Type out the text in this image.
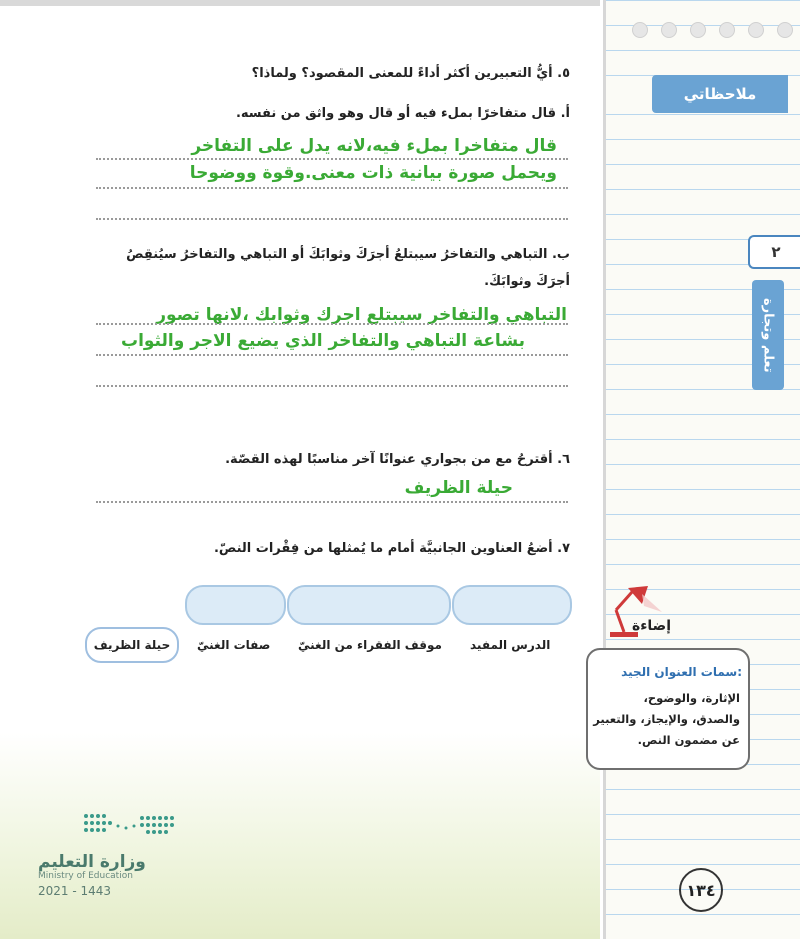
ملاحظاتي
٢
تعلم وتجارة
٥. أيُّ التعبيرين أكثر أداءً للمعنى المقصود؟ ولماذا؟
أ. قال متفاخرًا بملء فيه أو قال وهو واثق من نفسه.
قال متفاخرا بملء فيه،لانه يدل على التفاخر
ويحمل صورة بيانية ذات معنى.وقوة ووضوحا
ب. التباهي والتفاخرُ سيبتلعُ أجرَكَ وثوابَكَ أو التباهي والتفاخرُ سيُنقِصُ
أجرَكَ وثوابَكَ.
التباهي والتفاخر سيبتلع اجرك وثوابك ،لانها تصور
بشاعة التباهي والتفاخر الذي يضيع الاجر والثواب
٦. أقترحُ مع من بجواري عنوانًا آخر مناسبًا لهذه القصّة.
حيلة الظريف
٧. أضعُ العناوين الجانبيَّة أمام ما يُمثلها من فِقْرات النصّ.
الدرس المفيد
موقف الفقراء من الغنيّ
صفات الغنيّ
حيلة الظريف
إضاءة
سمات العنوان الجيد:
الإثارة، والوضوح، والصدق، والإيجاز، والتعبير عن مضمون النص.
١٣٤
وزارة التعليم
Ministry of Education
2021 - 1443
